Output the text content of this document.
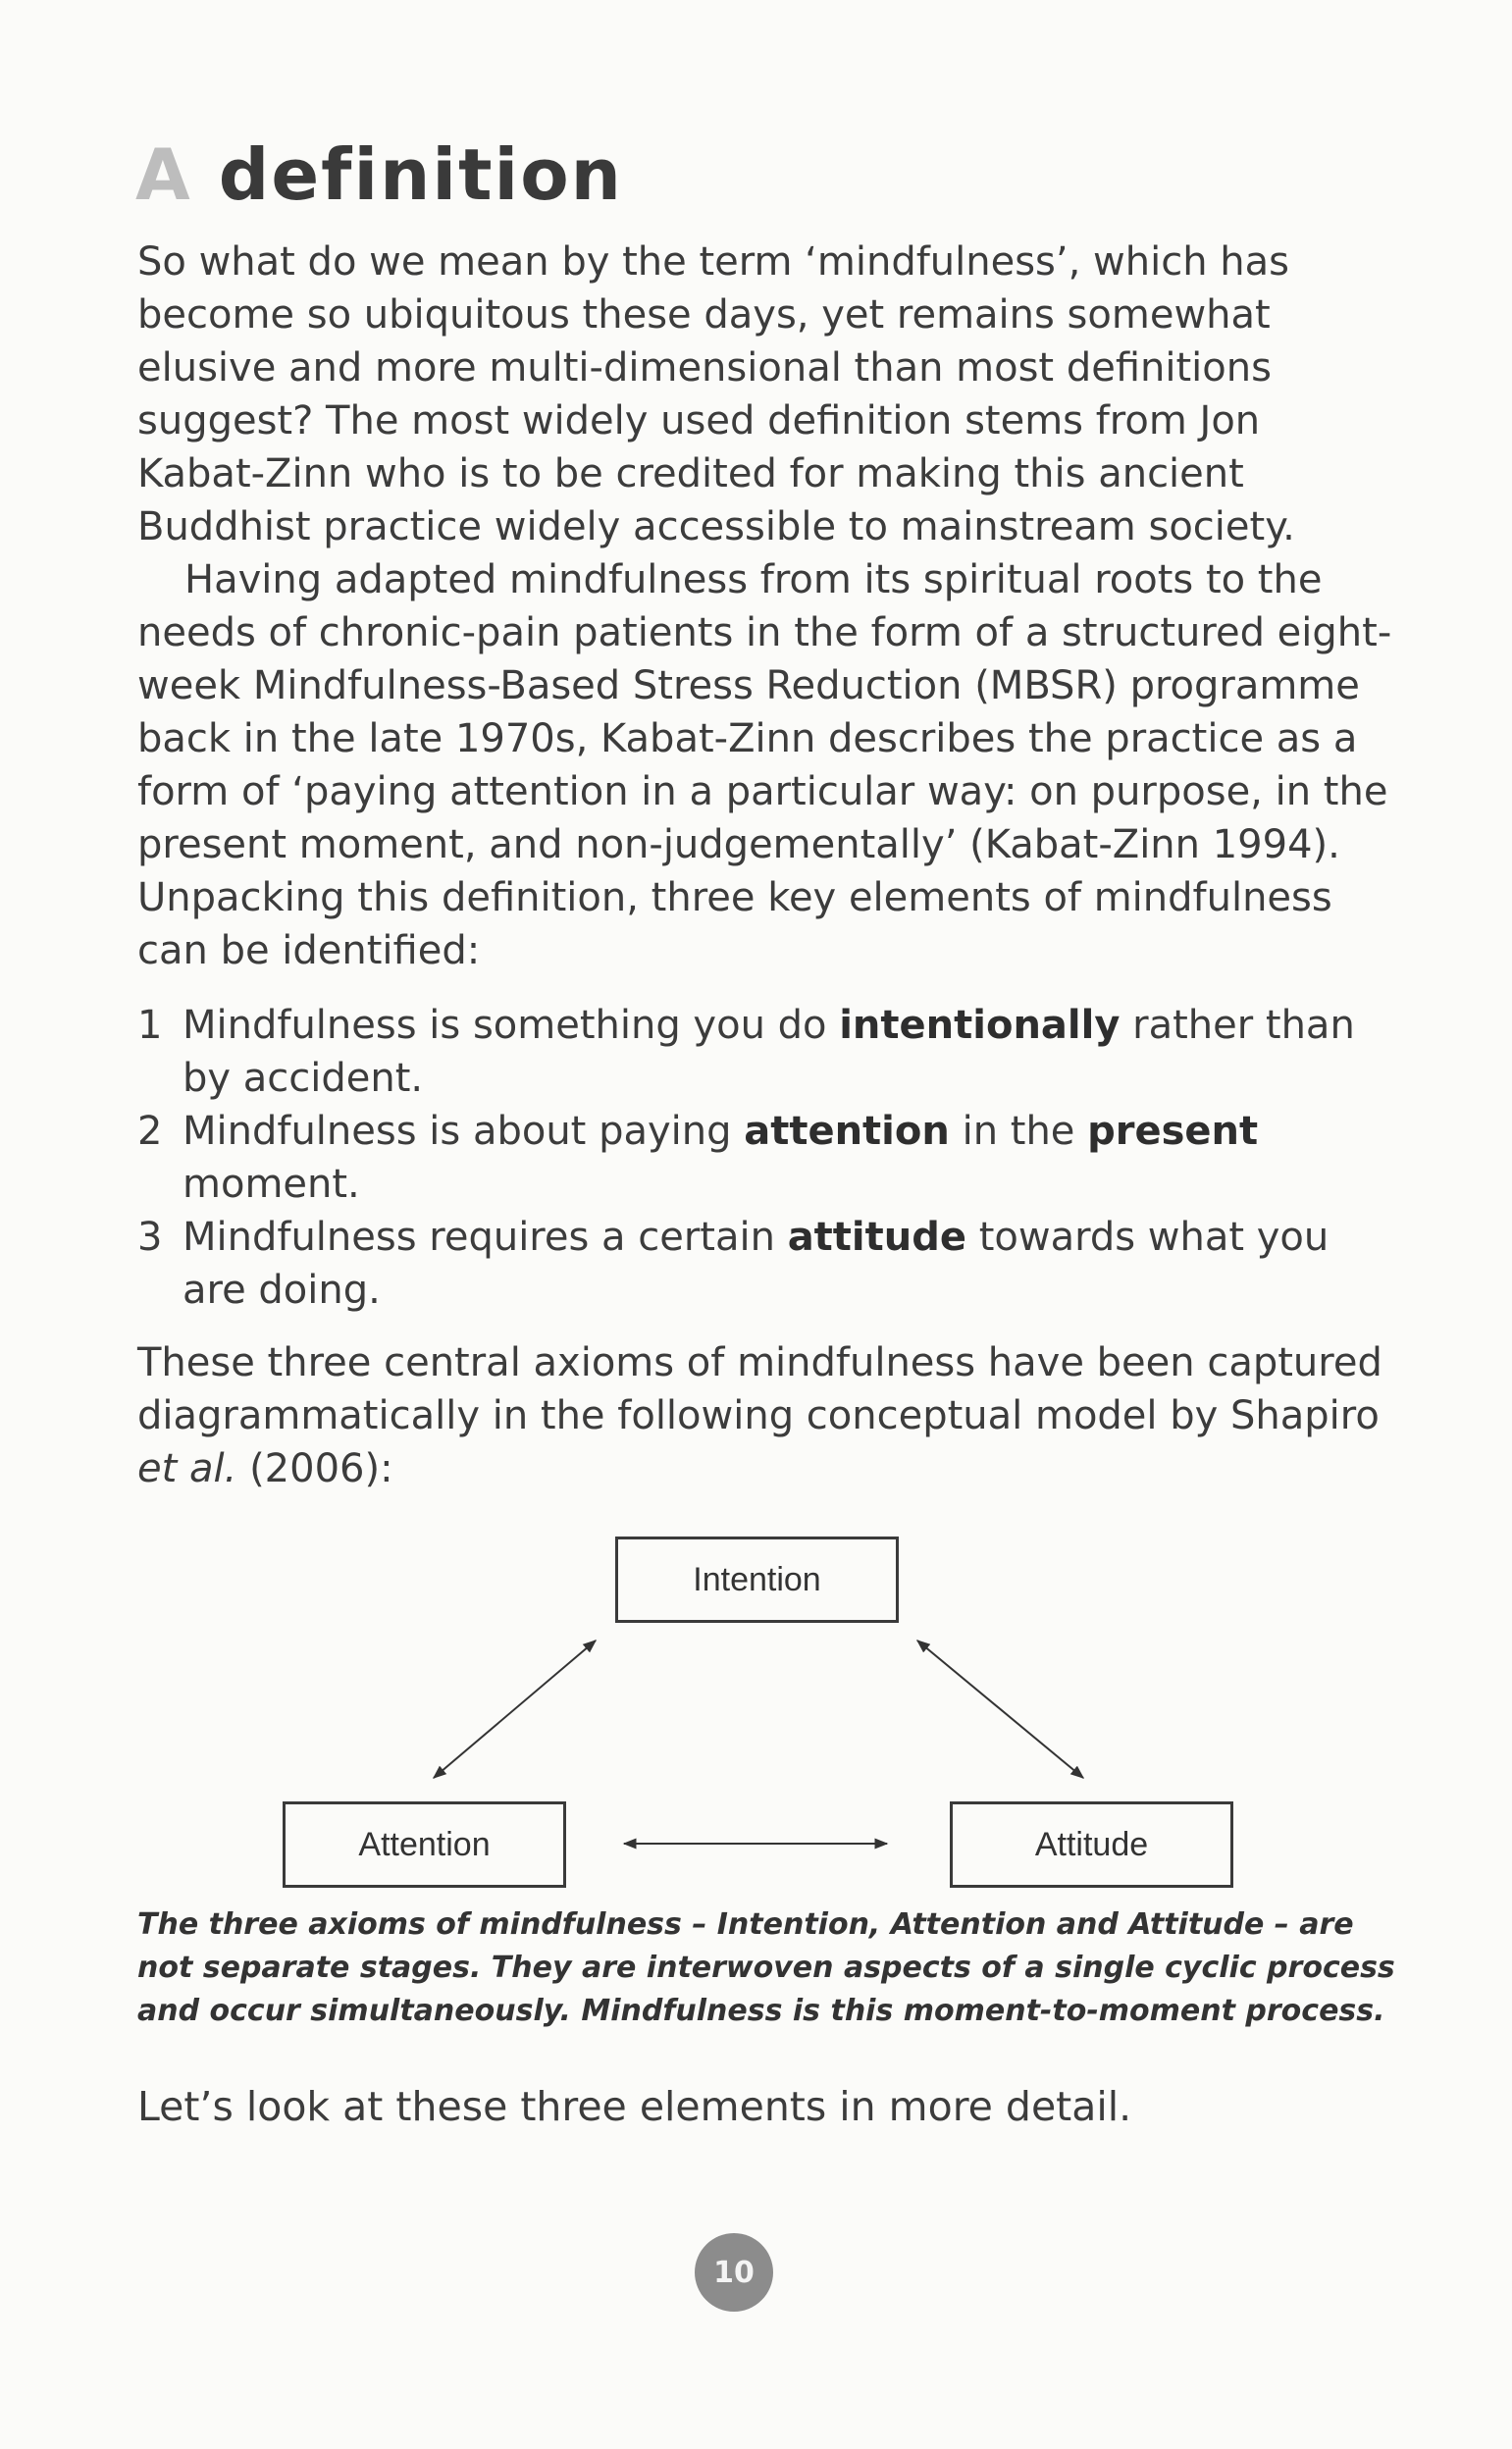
A definition

So what do we mean by the term ‘mindfulness’, which has become so ubiquitous these days, yet remains somewhat elusive and more multi-dimensional than most definitions suggest? The most widely used definition stems from Jon Kabat-Zinn who is to be credited for making this ancient Buddhist practice widely accessible to mainstream society.

Having adapted mindfulness from its spiritual roots to the needs of chronic-pain patients in the form of a structured eight-week Mindfulness-Based Stress Reduction (MBSR) programme back in the late 1970s, Kabat-Zinn describes the practice as a form of ‘paying attention in a particular way: on purpose, in the present moment, and non-judgementally’ (Kabat-Zinn 1994). Unpacking this definition, three key elements of mindfulness can be identified:

1 Mindfulness is something you do intentionally rather than by accident.
2 Mindfulness is about paying attention in the present moment.
3 Mindfulness requires a certain attitude towards what you are doing.

These three central axioms of mindfulness have been captured diagrammatically in the following conceptual model by Shapiro et al. (2006):

Intention
Attention	Attitude

The three axioms of mindfulness – Intention, Attention and Attitude – are not separate stages. They are interwoven aspects of a single cyclic process and occur simultaneously. Mindfulness is this moment-to-moment process.

Let’s look at these three elements in more detail.

10
